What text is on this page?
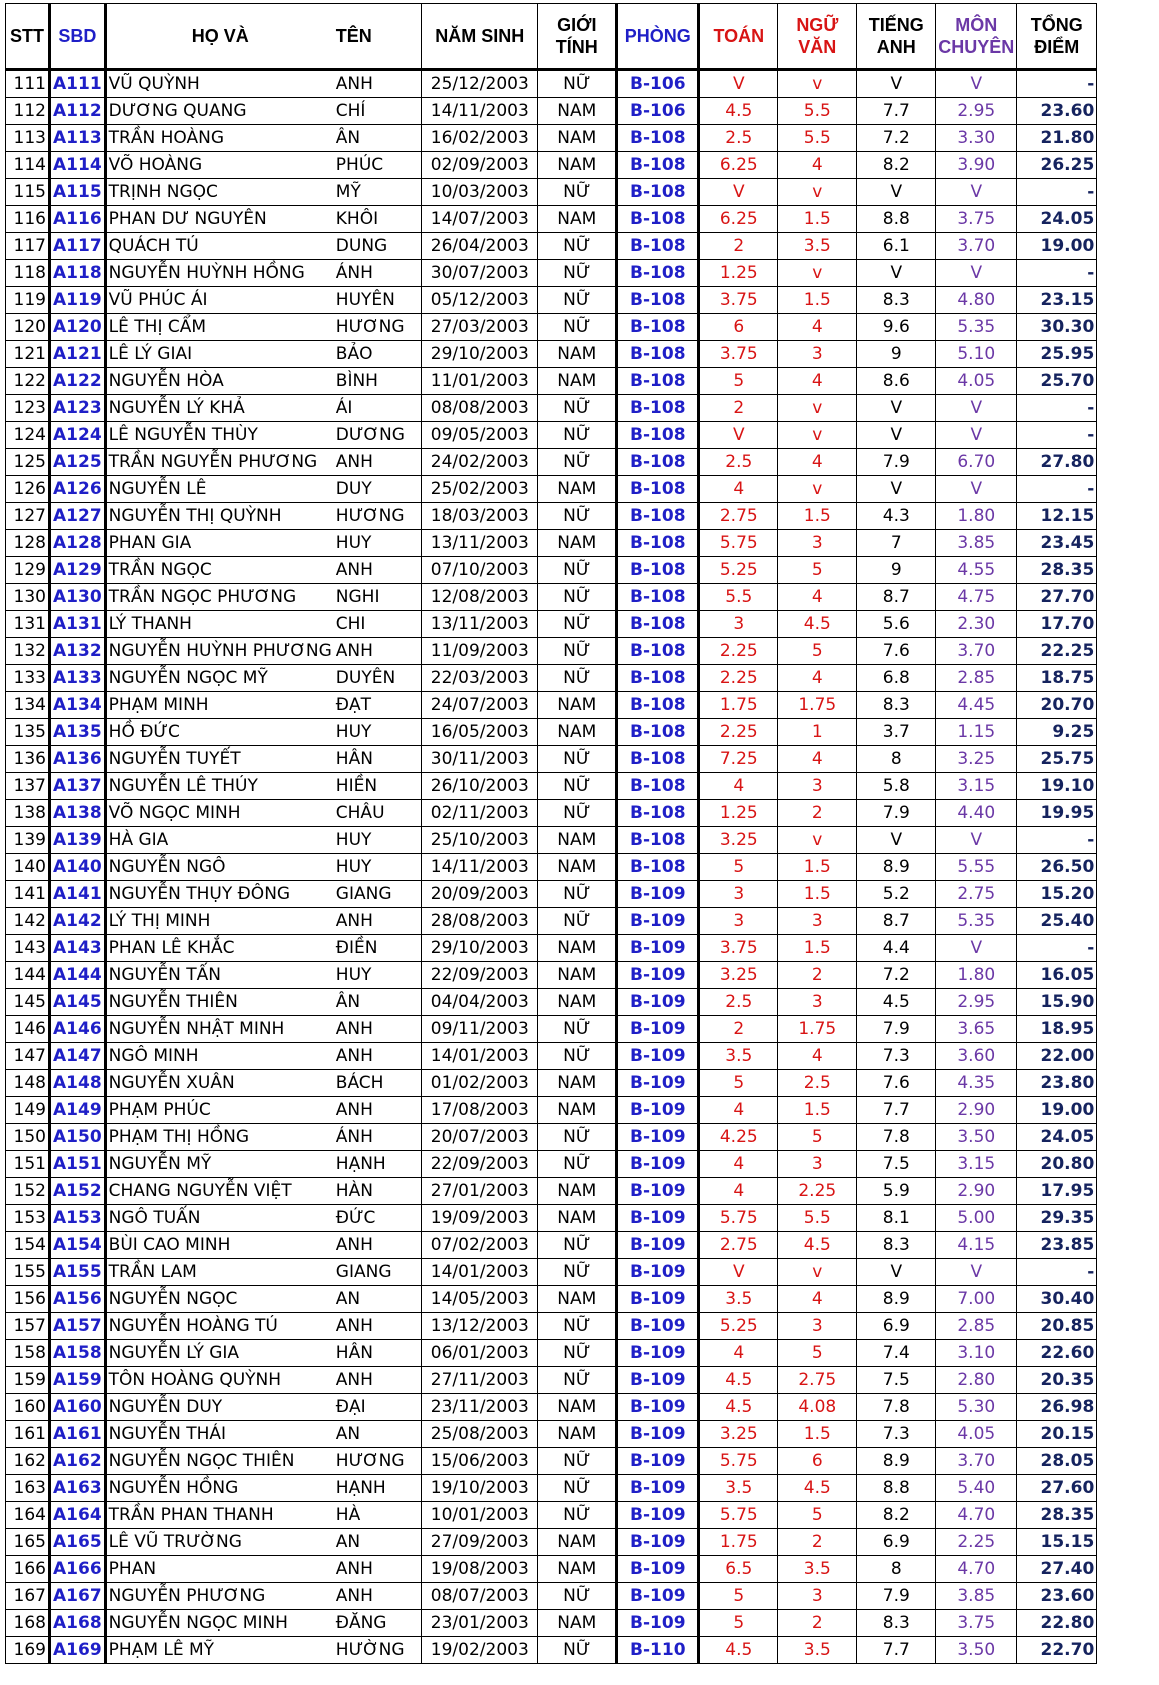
STT	SBD	HỌ VÀ	TÊN	NĂM SINH	GIỚI TÍNH	PHÒNG	TOÁN	NGỮ VĂN	TIẾNG ANH	MÔN CHUYÊN	TỔNG ĐIỂM
111	A111	VŨ QUỲNH	ANH	25/12/2003	NỮ	B-106	V	v	V	V	-
112	A112	DƯƠNG QUANG	CHÍ	14/11/2003	NAM	B-106	4.5	5.5	7.7	2.95	23.60
113	A113	TRẦN HOÀNG	ÂN	16/02/2003	NAM	B-108	2.5	5.5	7.2	3.30	21.80
114	A114	VÕ HOÀNG	PHÚC	02/09/2003	NAM	B-108	6.25	4	8.2	3.90	26.25
115	A115	TRỊNH NGỌC	MỸ	10/03/2003	NỮ	B-108	V	v	V	V	-
116	A116	PHAN DƯ NGUYÊN	KHÔI	14/07/2003	NAM	B-108	6.25	1.5	8.8	3.75	24.05
117	A117	QUÁCH TÚ	DUNG	26/04/2003	NỮ	B-108	2	3.5	6.1	3.70	19.00
118	A118	NGUYỄN HUỲNH HỒNG	ÁNH	30/07/2003	NỮ	B-108	1.25	v	V	V	-
119	A119	VŨ PHÚC ÁI	HUYÊN	05/12/2003	NỮ	B-108	3.75	1.5	8.3	4.80	23.15
120	A120	LÊ THỊ CẨM	HƯƠNG	27/03/2003	NỮ	B-108	6	4	9.6	5.35	30.30
121	A121	LÊ LÝ GIAI	BẢO	29/10/2003	NAM	B-108	3.75	3	9	5.10	25.95
122	A122	NGUYỄN HÒA	BÌNH	11/01/2003	NAM	B-108	5	4	8.6	4.05	25.70
123	A123	NGUYỄN LÝ KHẢ	ÁI	08/08/2003	NỮ	B-108	2	v	V	V	-
124	A124	LÊ NGUYỄN THÙY	DƯƠNG	09/05/2003	NỮ	B-108	V	v	V	V	-
125	A125	TRẦN NGUYỄN PHƯƠNG	ANH	24/02/2003	NỮ	B-108	2.5	4	7.9	6.70	27.80
126	A126	NGUYỄN LÊ	DUY	25/02/2003	NAM	B-108	4	v	V	V	-
127	A127	NGUYỄN THỊ QUỲNH	HƯƠNG	18/03/2003	NỮ	B-108	2.75	1.5	4.3	1.80	12.15
128	A128	PHAN GIA	HUY	13/11/2003	NAM	B-108	5.75	3	7	3.85	23.45
129	A129	TRẦN NGỌC	ANH	07/10/2003	NỮ	B-108	5.25	5	9	4.55	28.35
130	A130	TRẦN NGỌC PHƯƠNG	NGHI	12/08/2003	NỮ	B-108	5.5	4	8.7	4.75	27.70
131	A131	LÝ THANH	CHI	13/11/2003	NỮ	B-108	3	4.5	5.6	2.30	17.70
132	A132	NGUYỄN HUỲNH PHƯƠNG	ANH	11/09/2003	NỮ	B-108	2.25	5	7.6	3.70	22.25
133	A133	NGUYỄN NGỌC MỸ	DUYÊN	22/03/2003	NỮ	B-108	2.25	4	6.8	2.85	18.75
134	A134	PHẠM MINH	ĐẠT	24/07/2003	NAM	B-108	1.75	1.75	8.3	4.45	20.70
135	A135	HỒ ĐỨC	HUY	16/05/2003	NAM	B-108	2.25	1	3.7	1.15	9.25
136	A136	NGUYỄN TUYẾT	HÂN	30/11/2003	NỮ	B-108	7.25	4	8	3.25	25.75
137	A137	NGUYỄN LÊ THÚY	HIỀN	26/10/2003	NỮ	B-108	4	3	5.8	3.15	19.10
138	A138	VÕ NGỌC MINH	CHÂU	02/11/2003	NỮ	B-108	1.25	2	7.9	4.40	19.95
139	A139	HÀ GIA	HUY	25/10/2003	NAM	B-108	3.25	v	V	V	-
140	A140	NGUYỄN NGÔ	HUY	14/11/2003	NAM	B-108	5	1.5	8.9	5.55	26.50
141	A141	NGUYỄN THỤY ĐÔNG	GIANG	20/09/2003	NỮ	B-109	3	1.5	5.2	2.75	15.20
142	A142	LÝ THỊ MINH	ANH	28/08/2003	NỮ	B-109	3	3	8.7	5.35	25.40
143	A143	PHAN LÊ KHẮC	ĐIỀN	29/10/2003	NAM	B-109	3.75	1.5	4.4	V	-
144	A144	NGUYỄN TẤN	HUY	22/09/2003	NAM	B-109	3.25	2	7.2	1.80	16.05
145	A145	NGUYỄN THIÊN	ÂN	04/04/2003	NAM	B-109	2.5	3	4.5	2.95	15.90
146	A146	NGUYỄN NHẬT MINH	ANH	09/11/2003	NỮ	B-109	2	1.75	7.9	3.65	18.95
147	A147	NGÔ MINH	ANH	14/01/2003	NỮ	B-109	3.5	4	7.3	3.60	22.00
148	A148	NGUYỄN XUÂN	BÁCH	01/02/2003	NAM	B-109	5	2.5	7.6	4.35	23.80
149	A149	PHẠM PHÚC	ANH	17/08/2003	NAM	B-109	4	1.5	7.7	2.90	19.00
150	A150	PHẠM THỊ HỒNG	ÁNH	20/07/2003	NỮ	B-109	4.25	5	7.8	3.50	24.05
151	A151	NGUYỄN MỸ	HẠNH	22/09/2003	NỮ	B-109	4	3	7.5	3.15	20.80
152	A152	CHANG NGUYỄN VIỆT	HÀN	27/01/2003	NAM	B-109	4	2.25	5.9	2.90	17.95
153	A153	NGÔ TUẤN	ĐỨC	19/09/2003	NAM	B-109	5.75	5.5	8.1	5.00	29.35
154	A154	BÙI CAO MINH	ANH	07/02/2003	NỮ	B-109	2.75	4.5	8.3	4.15	23.85
155	A155	TRẦN LAM	GIANG	14/01/2003	NỮ	B-109	V	v	V	V	-
156	A156	NGUYỄN NGỌC	AN	14/05/2003	NAM	B-109	3.5	4	8.9	7.00	30.40
157	A157	NGUYỄN HOÀNG TÚ	ANH	13/12/2003	NỮ	B-109	5.25	3	6.9	2.85	20.85
158	A158	NGUYỄN LÝ GIA	HÂN	06/01/2003	NỮ	B-109	4	5	7.4	3.10	22.60
159	A159	TÔN HOÀNG QUỲNH	ANH	27/11/2003	NỮ	B-109	4.5	2.75	7.5	2.80	20.35
160	A160	NGUYỄN DUY	ĐẠI	23/11/2003	NAM	B-109	4.5	4.08	7.8	5.30	26.98
161	A161	NGUYỄN THÁI	AN	25/08/2003	NAM	B-109	3.25	1.5	7.3	4.05	20.15
162	A162	NGUYỄN NGỌC THIÊN	HƯƠNG	15/06/2003	NỮ	B-109	5.75	6	8.9	3.70	28.05
163	A163	NGUYỄN HỒNG	HẠNH	19/10/2003	NỮ	B-109	3.5	4.5	8.8	5.40	27.60
164	A164	TRẦN PHAN THANH	HÀ	10/01/2003	NỮ	B-109	5.75	5	8.2	4.70	28.35
165	A165	LÊ VŨ TRƯỜNG	AN	27/09/2003	NAM	B-109	1.75	2	6.9	2.25	15.15
166	A166	PHAN	ANH	19/08/2003	NAM	B-109	6.5	3.5	8	4.70	27.40
167	A167	NGUYỄN PHƯƠNG	ANH	08/07/2003	NỮ	B-109	5	3	7.9	3.85	23.60
168	A168	NGUYỄN NGỌC MINH	ĐĂNG	23/01/2003	NAM	B-109	5	2	8.3	3.75	22.80
169	A169	PHẠM LÊ MỸ	HƯỜNG	19/02/2003	NỮ	B-110	4.5	3.5	7.7	3.50	22.70
